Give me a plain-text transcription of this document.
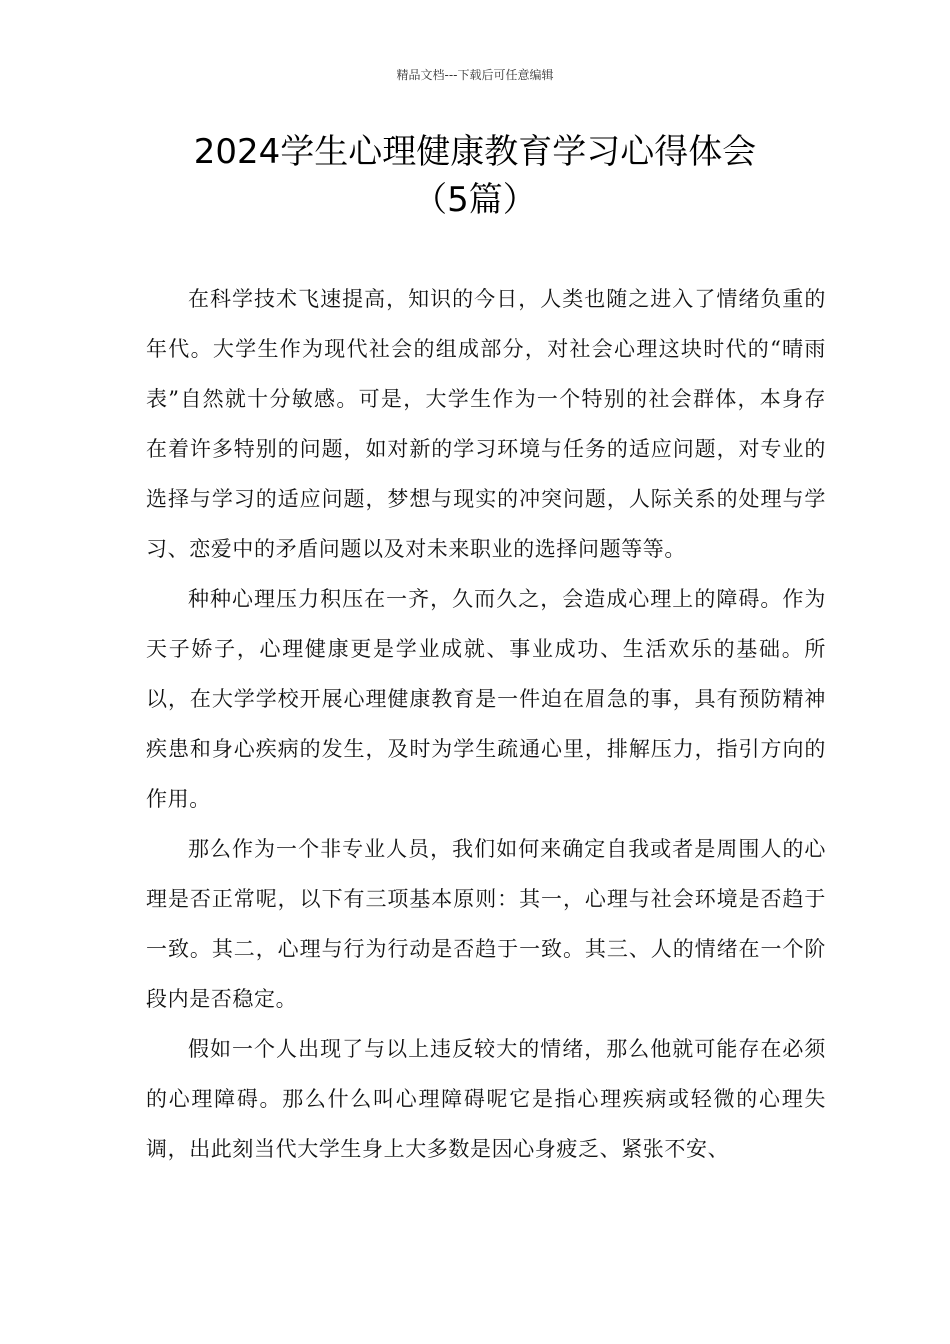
精品文档---下载后可任意编辑
2024学生心理健康教育学习心得体会
（5篇）

在科学技术飞速提高，知识的今日，人类也随之进入了情绪负重的年代。大学生作为现代社会的组成部分，对社会心理这块时代的“晴雨表”自然就十分敏感。可是，大学生作为一个特别的社会群体，本身存在着许多特别的问题，如对新的学习环境与任务的适应问题，对专业的选择与学习的适应问题，梦想与现实的冲突问题，人际关系的处理与学习、恋爱中的矛盾问题以及对未来职业的选择问题等等。

种种心理压力积压在一齐，久而久之，会造成心理上的障碍。作为天子娇子，心理健康更是学业成就、事业成功、生活欢乐的基础。所以，在大学学校开展心理健康教育是一件迫在眉急的事，具有预防精神疾患和身心疾病的发生，及时为学生疏通心里，排解压力，指引方向的作用。

那么作为一个非专业人员，我们如何来确定自我或者是周围人的心理是否正常呢，以下有三项基本原则：其一，心理与社会环境是否趋于一致。其二，心理与行为行动是否趋于一致。其三、人的情绪在一个阶段内是否稳定。

假如一个人出现了与以上违反较大的情绪，那么他就可能存在必须的心理障碍。那么什么叫心理障碍呢它是指心理疾病或轻微的心理失调，出此刻当代大学生身上大多数是因心身疲乏、紧张不安、
